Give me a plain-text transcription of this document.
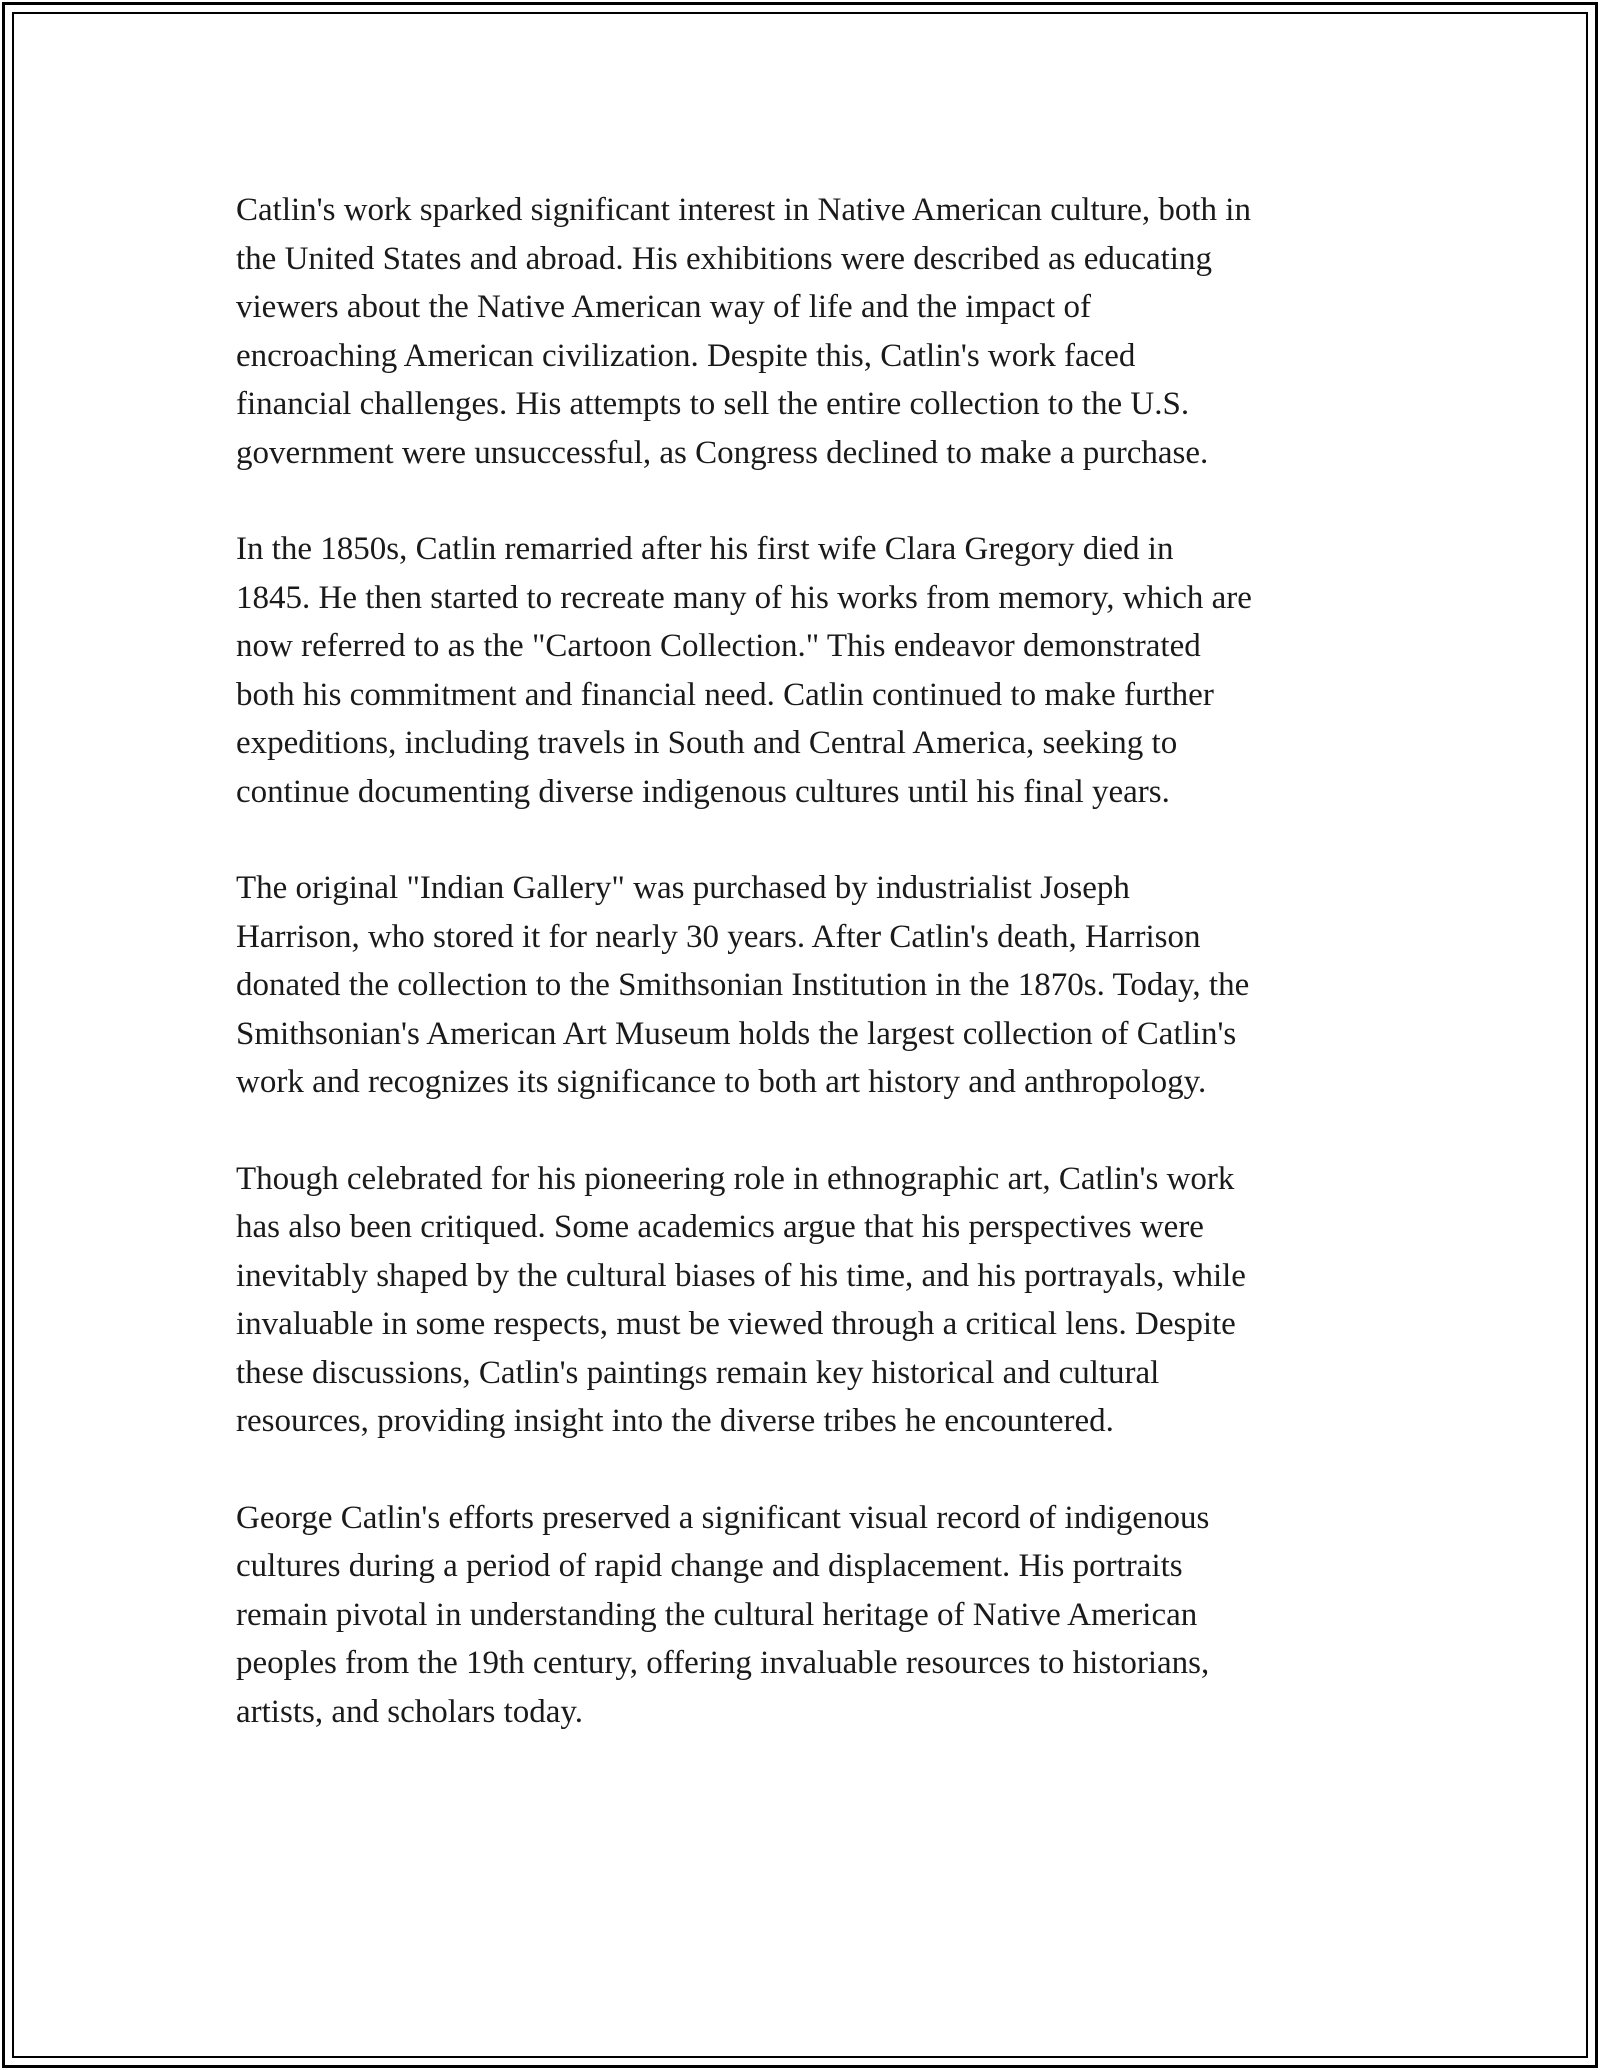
Catlin's work sparked significant interest in Native American culture, both in
the United States and abroad. His exhibitions were described as educating
viewers about the Native American way of life and the impact of
encroaching American civilization. Despite this, Catlin's work faced
financial challenges. His attempts to sell the entire collection to the U.S.
government were unsuccessful, as Congress declined to make a purchase.

In the 1850s, Catlin remarried after his first wife Clara Gregory died in
1845. He then started to recreate many of his works from memory, which are
now referred to as the "Cartoon Collection." This endeavor demonstrated
both his commitment and financial need. Catlin continued to make further
expeditions, including travels in South and Central America, seeking to
continue documenting diverse indigenous cultures until his final years.

The original "Indian Gallery" was purchased by industrialist Joseph
Harrison, who stored it for nearly 30 years. After Catlin's death, Harrison
donated the collection to the Smithsonian Institution in the 1870s. Today, the
Smithsonian's American Art Museum holds the largest collection of Catlin's
work and recognizes its significance to both art history and anthropology.

Though celebrated for his pioneering role in ethnographic art, Catlin's work
has also been critiqued. Some academics argue that his perspectives were
inevitably shaped by the cultural biases of his time, and his portrayals, while
invaluable in some respects, must be viewed through a critical lens. Despite
these discussions, Catlin's paintings remain key historical and cultural
resources, providing insight into the diverse tribes he encountered.

George Catlin's efforts preserved a significant visual record of indigenous
cultures during a period of rapid change and displacement. His portraits
remain pivotal in understanding the cultural heritage of Native American
peoples from the 19th century, offering invaluable resources to historians,
artists, and scholars today.
